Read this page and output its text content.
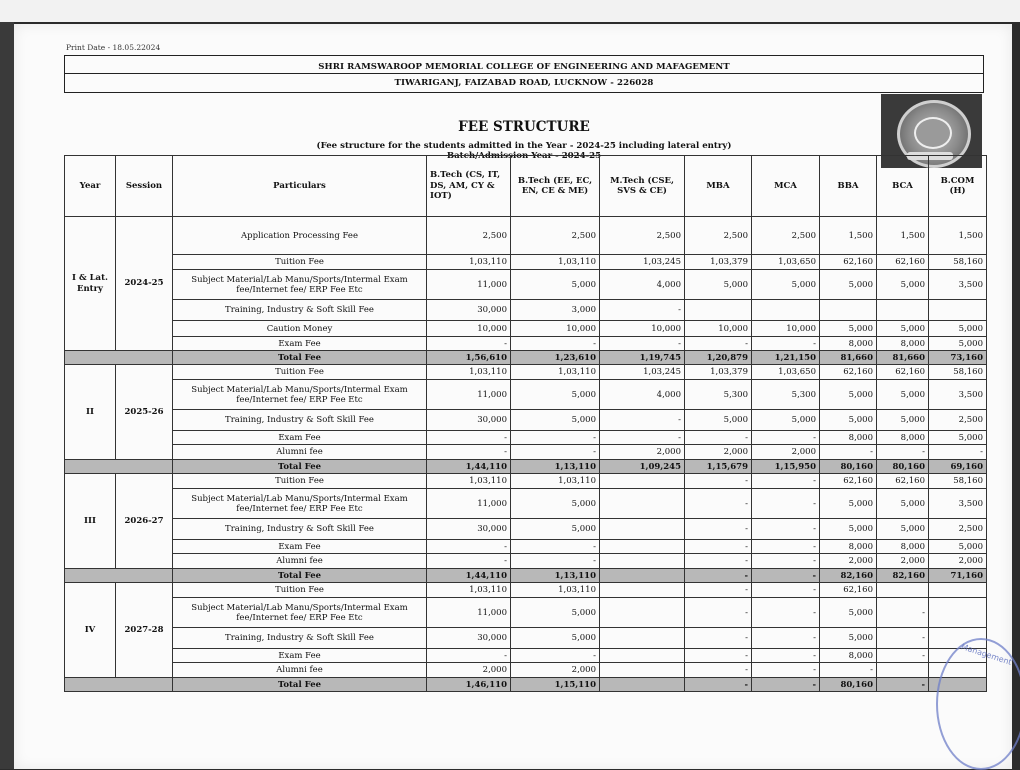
Print Date - 18.05.22024
SHRI RAMSWAROOP MEMORIAL COLLEGE OF ENGINEERING AND MAFAGEMENT
TIWARIGANJ, FAIZABAD ROAD, LUCKNOW - 226028
FEE STRUCTURE
(Fee structure for the students admitted in the Year - 2024-25 including lateral entry)
Batch/Admission Year - 2024-25
Year	Session	Particulars	B.Tech (CS, IT, DS, AM, CY & IOT)	B.Tech (EE, EC, EN, CE & ME)	M.Tech (CSE, SVS & CE)	MBA	MCA	BBA	BCA	B.COM (H)
I & Lat. Entry	2024-25	Application Processing Fee	2,500	2,500	2,500	2,500	2,500	1,500	1,500	1,500
		Tuition Fee	1,03,110	1,03,110	1,03,245	1,03,379	1,03,650	62,160	62,160	58,160
		Subject Material/Lab Manu/Sports/Intermal Exam fee/Internet fee/ ERP Fee Etc	11,000	5,000	4,000	5,000	5,000	5,000	5,000	3,500
		Training, Industry & Soft Skill Fee	30,000	3,000	-					
		Caution Money	10,000	10,000	10,000	10,000	10,000	5,000	5,000	5,000
		Exam Fee	-	-	-	-	-	8,000	8,000	5,000
		Total Fee	1,56,610	1,23,610	1,19,745	1,20,879	1,21,150	81,660	81,660	73,160
II	2025-26	Tuition Fee	1,03,110	1,03,110	1,03,245	1,03,379	1,03,650	62,160	62,160	58,160
		Subject Material/Lab Manu/Sports/Intermal Exam fee/Internet fee/ ERP Fee Etc	11,000	5,000	4,000	5,300	5,300	5,000	5,000	3,500
		Training, Industry & Soft Skill Fee	30,000	5,000	-	5,000	5,000	5,000	5,000	2,500
		Exam Fee	-	-	-	-	-	8,000	8,000	5,000
		Alumni fee	-	-	2,000	2,000	2,000	-	-	-
		Total Fee	1,44,110	1,13,110	1,09,245	1,15,679	1,15,950	80,160	80,160	69,160
III	2026-27	Tuition Fee	1,03,110	1,03,110		-	-	62,160	62,160	58,160
		Subject Material/Lab Manu/Sports/Intermal Exam fee/Internet fee/ ERP Fee Etc	11,000	5,000		-	-	5,000	5,000	3,500
		Training, Industry & Soft Skill Fee	30,000	5,000		-	-	5,000	5,000	2,500
		Exam Fee	-	-		-	-	8,000	8,000	5,000
		Alumni fee	-	-		-	-	2,000	2,000	2,000
		Total Fee	1,44,110	1,13,110		-	-	82,160	82,160	71,160
IV	2027-28	Tuition Fee	1,03,110	1,03,110		-	-	62,160		
		Subject Material/Lab Manu/Sports/Intermal Exam fee/Internet fee/ ERP Fee Etc	11,000	5,000		-	-	5,000	-	
		Training, Industry & Soft Skill Fee	30,000	5,000		-	-	5,000	-	
		Exam Fee	-	-		-	-	8,000	-	
		Alumni fee	2,000	2,000		-	-	-		
		Total Fee	1,46,110	1,15,110		-	-	80,160	-	
Management
